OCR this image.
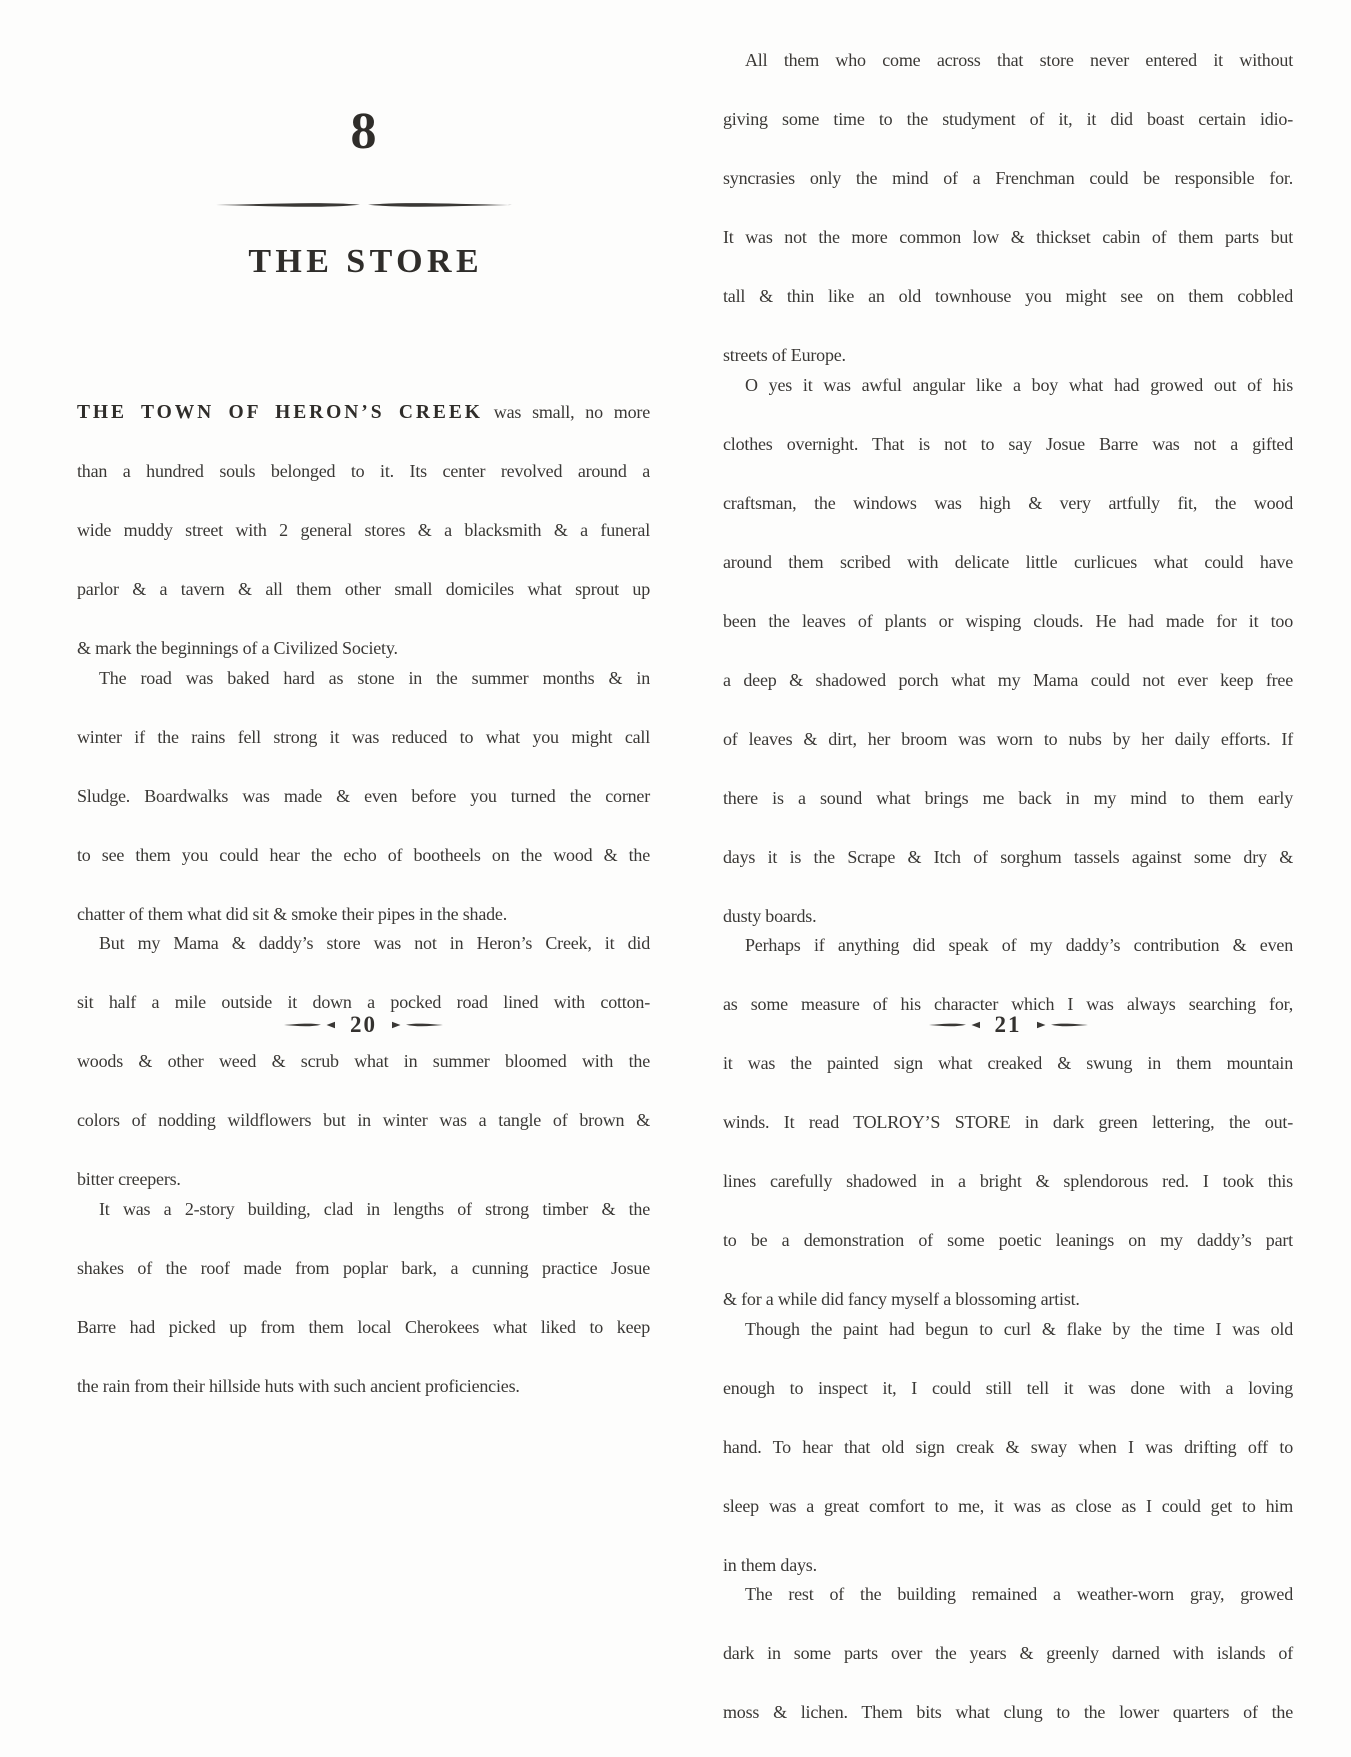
8
THE STORE
THE TOWN OF HERON’S CREEK was small, no more
than a hundred souls belonged to it. Its center revolved around a
wide muddy street with 2 general stores & a blacksmith & a funeral
parlor & a tavern & all them other small domiciles what sprout up
& mark the beginnings of a Civilized Society.
The road was baked hard as stone in the summer months & in
winter if the rains fell strong it was reduced to what you might call
Sludge. Boardwalks was made & even before you turned the corner
to see them you could hear the echo of bootheels on the wood & the
chatter of them what did sit & smoke their pipes in the shade.
But my Mama & daddy’s store was not in Heron’s Creek, it did
sit half a mile outside it down a pocked road lined with cotton-
woods & other weed & scrub what in summer bloomed with the
colors of nodding wildflowers but in winter was a tangle of brown &
bitter creepers.
It was a 2-story building, clad in lengths of strong timber & the
shakes of the roof made from poplar bark, a cunning practice Josue
Barre had picked up from them local Cherokees what liked to keep
the rain from their hillside huts with such ancient proficiencies.
20
All them who come across that store never entered it without
giving some time to the studyment of it, it did boast certain idio-
syncrasies only the mind of a Frenchman could be responsible for.
It was not the more common low & thickset cabin of them parts but
tall & thin like an old townhouse you might see on them cobbled
streets of Europe.
O yes it was awful angular like a boy what had growed out of his
clothes overnight. That is not to say Josue Barre was not a gifted
craftsman, the windows was high & very artfully fit, the wood
around them scribed with delicate little curlicues what could have
been the leaves of plants or wisping clouds. He had made for it too
a deep & shadowed porch what my Mama could not ever keep free
of leaves & dirt, her broom was worn to nubs by her daily efforts. If
there is a sound what brings me back in my mind to them early
days it is the Scrape & Itch of sorghum tassels against some dry &
dusty boards.
Perhaps if anything did speak of my daddy’s contribution & even
as some measure of his character which I was always searching for,
it was the painted sign what creaked & swung in them mountain
winds. It read TOLROY’S STORE in dark green lettering, the out-
lines carefully shadowed in a bright & splendorous red. I took this
to be a demonstration of some poetic leanings on my daddy’s part
& for a while did fancy myself a blossoming artist.
Though the paint had begun to curl & flake by the time I was old
enough to inspect it, I could still tell it was done with a loving
hand. To hear that old sign creak & sway when I was drifting off to
sleep was a great comfort to me, it was as close as I could get to him
in them days.
The rest of the building remained a weather-worn gray, growed
dark in some parts over the years & greenly darned with islands of
moss & lichen. Them bits what clung to the lower quarters of the
21
